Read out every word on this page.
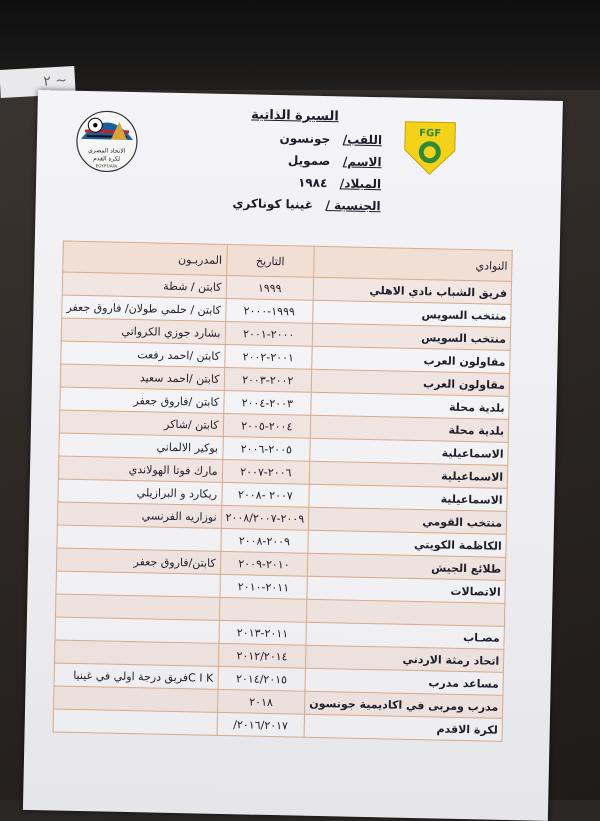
٢ ~
الاتحاد المصري
لكرة القدم
EGYPT/AFA
FGF
السيرة الذاتية
اللقب/   جونسون
الاسم/   صمويل
الميلاد/   ١٩٨٤
الجنسية /   غينيا كوناكري
النوادي	التاريخ	المدربـون
فريق الشباب نادي الاهلي	١٩٩٩	كابتن / شطة
منتخب السويس	١٩٩٩-٢٠٠٠	كابتن / حلمي طولان/ فاروق جعفر
منتخب السويس	٢٠٠٠-٢٠٠١	بشارد جوزي الكرواتي
مقاولون العرب	٢٠٠١-٢٠٠٢	كابتن /احمد رفعت
مقاولون العرب	٢٠٠٢-٢٠٠٣	كابتن /احمد سعيد
بلدية محلة	٢٠٠٣-٢٠٠٤	كابتن /فاروق جعفر
بلدية محلة	٢٠٠٤-٢٠٠٥	كابتن /شاكر
الاسماعيلية	٢٠٠٥-٢٠٠٦	بوكير الالماني
الاسماعيلية	٢٠٠٦-٢٠٠٧	مارك فوتا الهولاندي
الاسماعيلية	٢٠٠٧ -٢٠٠٨	ريكارد و البرازيلي
منتخب القومي	٢٠٠٩-٢٠٠٨/٢٠٠٧	نوزاريه الفرنسي
الكاظمة الكويتي	٢٠٠٩-٢٠٠٨	
طلائع الجيش	٢٠١٠-٢٠٠٩	كابتن/فاروق جعفر
الاتصالات	٢٠١١-٢٠١٠	

مصـاب	٢٠١١-٢٠١٣	
اتحاد رمثة الاردني	٢٠١٢/٢٠١٤	
مساعد مدرب	٢٠١٤/٢٠١٥	C I Kفريق درجة اولي في غينيا
مدرب ومربى في اكاديمية جونسون	٢٠١٨	
لكرة الاقدم	٢٠١٦/٢٠١٧/	
